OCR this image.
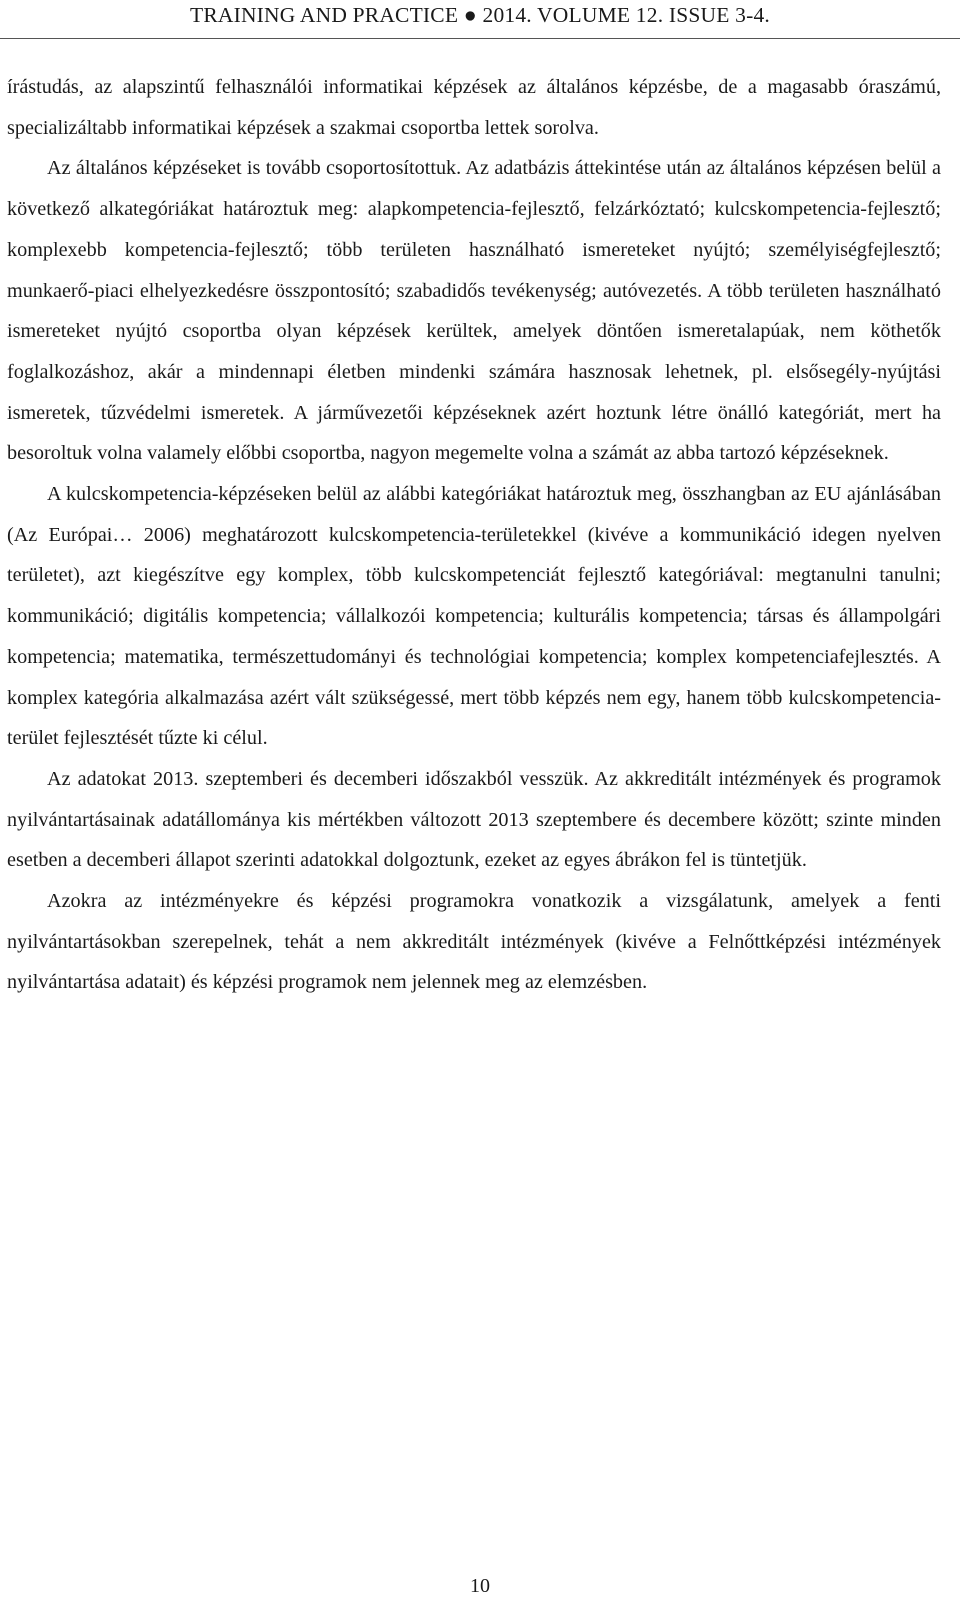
TRAINING AND PRACTICE ● 2014. VOLUME 12. ISSUE 3-4.

írástudás, az alapszintű felhasználói informatikai képzések az általános képzésbe, de a magasabb óraszámú, specializáltabb informatikai képzések a szakmai csoportba lettek sorolva.

Az általános képzéseket is tovább csoportosítottuk. Az adatbázis áttekintése után az általános képzésen belül a következő alkategóriákat határoztuk meg: alapkompetencia-fejlesztő, felzárkóztató; kulcskompetencia-fejlesztő; komplexebb kompetencia-fejlesztő; több területen használható ismereteket nyújtó; személyiségfejlesztő; munkaerő-piaci elhelyezkedésre összpontosító; szabadidős tevékenység; autóvezetés. A több területen használható ismereteket nyújtó csoportba olyan képzések kerültek, amelyek döntően ismeretalapúak, nem köthetők foglalkozáshoz, akár a mindennapi életben mindenki számára hasznosak lehetnek, pl. elsősegély-nyújtási ismeretek, tűzvédelmi ismeretek. A járművezetői képzéseknek azért hoztunk létre önálló kategóriát, mert ha besoroltuk volna valamely előbbi csoportba, nagyon megemelte volna a számát az abba tartozó képzéseknek.

A kulcskompetencia-képzéseken belül az alábbi kategóriákat határoztuk meg, összhangban az EU ajánlásában (Az Európai… 2006) meghatározott kulcskompetencia-területekkel (kivéve a kommunikáció idegen nyelven területet), azt kiegészítve egy komplex, több kulcskompetenciát fejlesztő kategóriával: megtanulni tanulni; kommunikáció; digitális kompetencia; vállalkozói kompetencia; kulturális kompetencia; társas és állampolgári kompetencia; matematika, természettudományi és technológiai kompetencia; komplex kompetenciafejlesztés. A komplex kategória alkalmazása azért vált szükségessé, mert több képzés nem egy, hanem több kulcskompetencia-terület fejlesztését tűzte ki célul.

Az adatokat 2013. szeptemberi és decemberi időszakból vesszük. Az akkreditált intézmények és programok nyilvántartásainak adatállománya kis mértékben változott 2013 szeptembere és decembere között; szinte minden esetben a decemberi állapot szerinti adatokkal dolgoztunk, ezeket az egyes ábrákon fel is tüntetjük.

Azokra az intézményekre és képzési programokra vonatkozik a vizsgálatunk, amelyek a fenti nyilvántartásokban szerepelnek, tehát a nem akkreditált intézmények (kivéve a Felnőttképzési intézmények nyilvántartása adatait) és képzési programok nem jelennek meg az elemzésben.

10
